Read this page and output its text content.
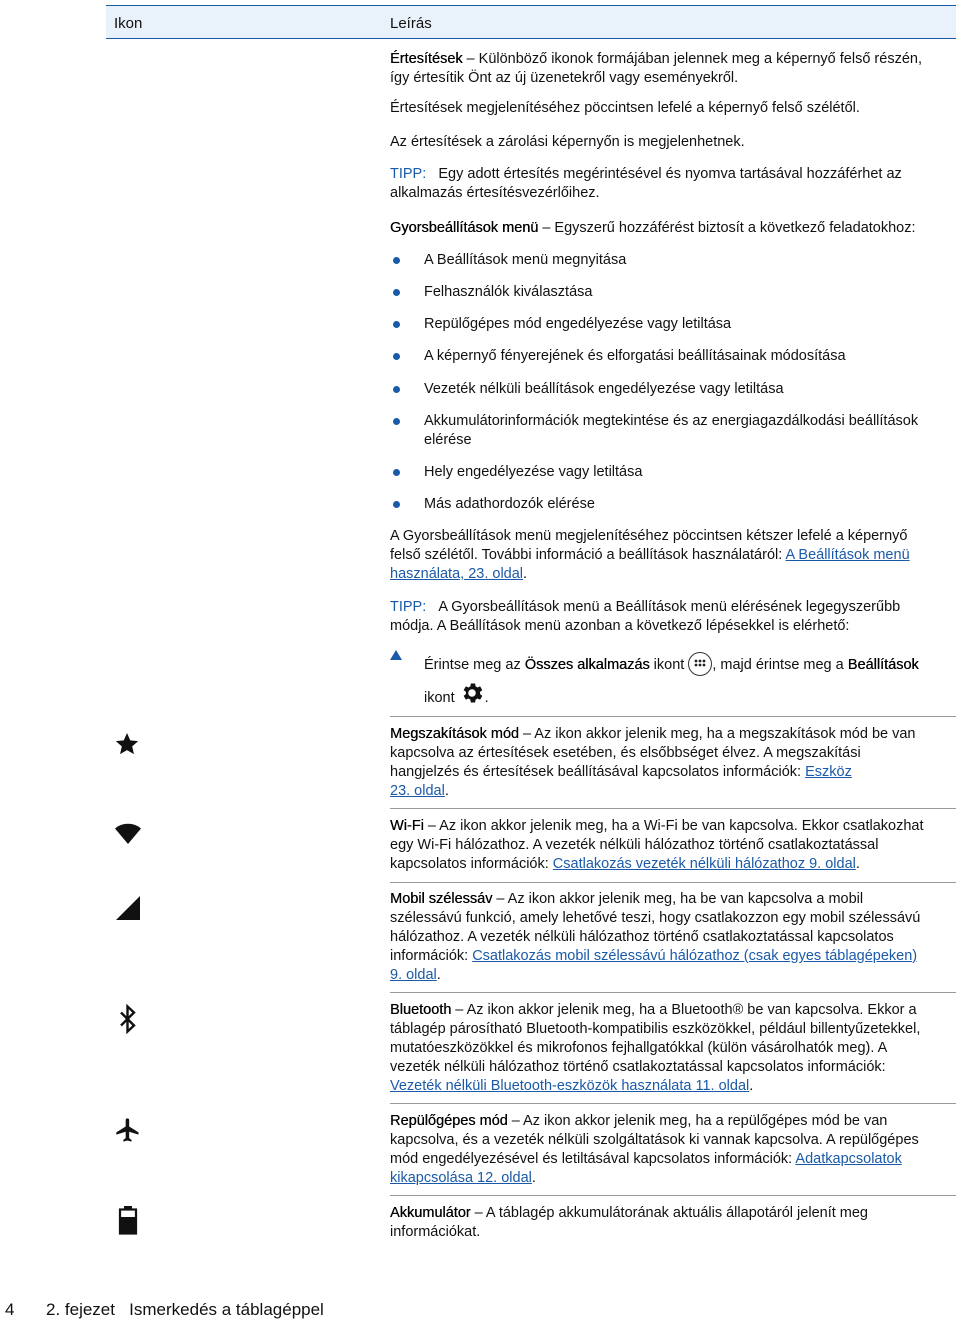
Ikon	Leírás
Értesítések – Különböző ikonok formájában jelennek meg a képernyő felső részén,
így értesítik Önt az új üzenetekről vagy eseményekről.
Értesítések megjelenítéséhez pöccintsen lefelé a képernyő felső szélétől.
Az értesítések a zárolási képernyőn is megjelenhetnek.
TIPP: Egy adott értesítés megérintésével és nyomva tartásával hozzáférhet az
alkalmazás értesítésvezérlőihez.
Gyorsbeállítások menü – Egyszerű hozzáférést biztosít a következő feladatokhoz:
A Beállítások menü megnyitása
Felhasználók kiválasztása
Repülőgépes mód engedélyezése vagy letiltása
A képernyő fényerejének és elforgatási beállításainak módosítása
Vezeték nélküli beállítások engedélyezése vagy letiltása
Akkumulátorinformációk megtekintése és az energiagazdálkodási beállítások
elérése
Hely engedélyezése vagy letiltása
Más adathordozók elérése
A Gyorsbeállítások menü megjelenítéséhez pöccintsen kétszer lefelé a képernyő
felső szélétől. További információ a beállítások használatáról: A Beállítások menü
használata, 23. oldal.
TIPP: A Gyorsbeállítások menü a Beállítások menü elérésének legegyszerűbb
módja. A Beállítások menü azonban a következő lépésekkel is elérhető:
Érintse meg az Összes alkalmazás ikont , majd érintse meg a Beállítások
ikont .
Megszakítások mód – Az ikon akkor jelenik meg, ha a megszakítások mód be van
kapcsolva az értesítések esetében, és elsőbbséget élvez. A megszakítási
hangjelzés és értesítések beállításával kapcsolatos információk: Eszköz
23. oldal.
Wi-Fi – Az ikon akkor jelenik meg, ha a Wi-Fi be van kapcsolva. Ekkor csatlakozhat
egy Wi-Fi hálózathoz. A vezeték nélküli hálózathoz történő csatlakoztatással
kapcsolatos információk: Csatlakozás vezeték nélküli hálózathoz 9. oldal.
Mobil szélessáv – Az ikon akkor jelenik meg, ha be van kapcsolva a mobil
szélessávú funkció, amely lehetővé teszi, hogy csatlakozzon egy mobil szélessávú
hálózathoz. A vezeték nélküli hálózathoz történő csatlakoztatással kapcsolatos
információk: Csatlakozás mobil szélessávú hálózathoz (csak egyes táblagépeken)
9. oldal.
Bluetooth – Az ikon akkor jelenik meg, ha a Bluetooth® be van kapcsolva. Ekkor a
táblagép párosítható Bluetooth-kompatibilis eszközökkel, például billentyűzetekkel,
mutatóeszközökkel és mikrofonos fejhallgatókkal (külön vásárolhatók meg). A
vezeték nélküli hálózathoz történő csatlakoztatással kapcsolatos információk:
Vezeték nélküli Bluetooth-eszközök használata 11. oldal.
Repülőgépes mód – Az ikon akkor jelenik meg, ha a repülőgépes mód be van
kapcsolva, és a vezeték nélküli szolgáltatások ki vannak kapcsolva. A repülőgépes
mód engedélyezésével és letiltásával kapcsolatos információk: Adatkapcsolatok
kikapcsolása 12. oldal.
Akkumulátor – A táblagép akkumulátorának aktuális állapotáról jelenít meg
információkat.
4 2. fejezet   Ismerkedés a táblagéppel
